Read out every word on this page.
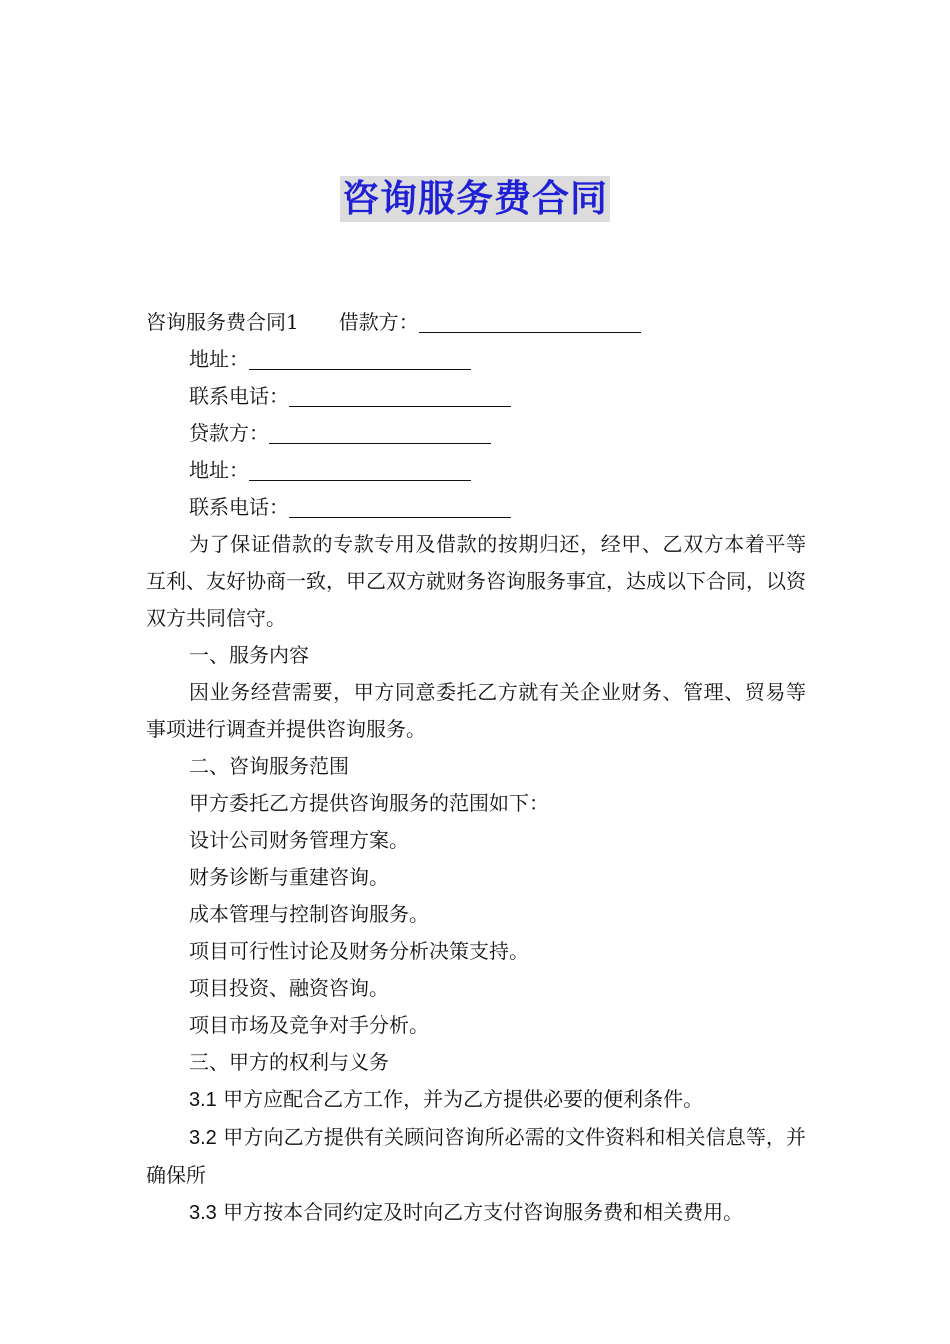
咨询服务费合同

咨询服务费合同1 借款方：

地址：

联系电话：

贷款方：

地址：

联系电话：

为了保证借款的专款专用及借款的按期归还，经甲、乙双方本着平等互利、友好协商一致，甲乙双方就财务咨询服务事宜，达成以下合同，以资双方共同信守。

一、服务内容

因业务经营需要，甲方同意委托乙方就有关企业财务、管理、贸易等事项进行调查并提供咨询服务。

二、咨询服务范围

甲方委托乙方提供咨询服务的范围如下：

设计公司财务管理方案。

财务诊断与重建咨询。

成本管理与控制咨询服务。

项目可行性讨论及财务分析决策支持。

项目投资、融资咨询。

项目市场及竞争对手分析。

三、甲方的权利与义务

3.1 甲方应配合乙方工作，并为乙方提供必要的便利条件。

3.2 甲方向乙方提供有关顾问咨询所必需的文件资料和相关信息等，并确保所

3.3 甲方按本合同约定及时向乙方支付咨询服务费和相关费用。
